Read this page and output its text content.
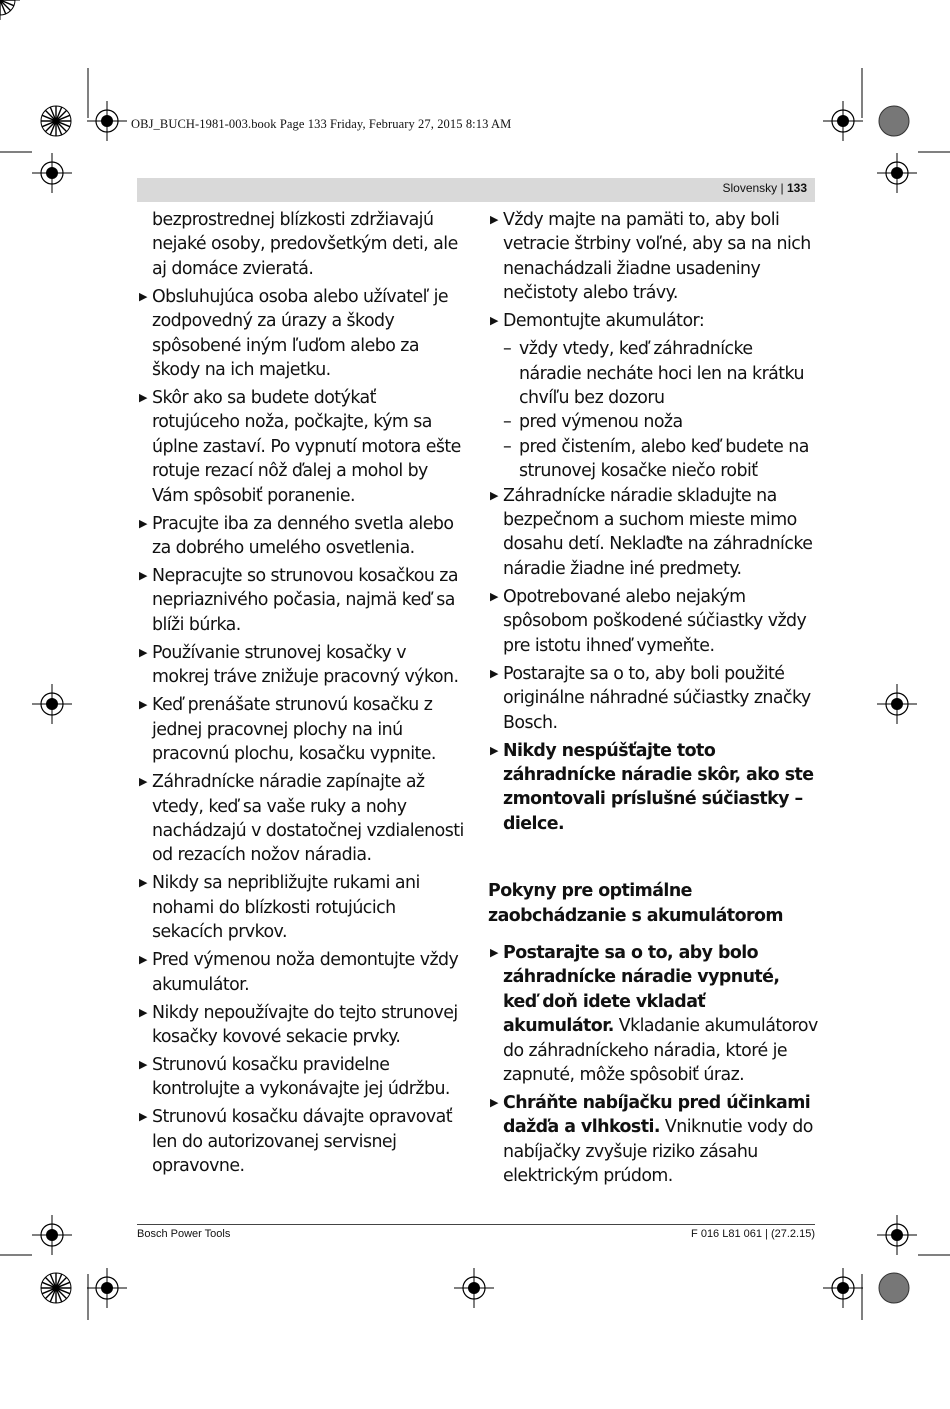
OBJ_BUCH-1981-003.book Page 133 Friday, February 27, 2015 8:13 AM
Slovensky | 133
bezprostrednej blízkosti zdržiavajú nejaké osoby, predovšetkým deti, ale aj domáce zvieratá.
▶ Obsluhujúca osoba alebo užívateľ je zodpovedný za úrazy a škody spôsobené iným ľuďom alebo za škody na ich majetku.
▶ Skôr ako sa budete dotýkať rotujúceho noža, počkajte, kým sa úplne zastaví. Po vypnutí motora ešte rotuje rezací nôž ďalej a mohol by Vám spôsobiť poranenie.
▶ Pracujte iba za denného svetla alebo za dobrého umelého osvetlenia.
▶ Nepracujte so strunovou kosačkou za nepriaznivého počasia, najmä keď sa blíži búrka.
▶ Používanie strunovej kosačky v mokrej tráve znižuje pracovný výkon.
▶ Keď prenášate strunovú kosačku z jednej pracovnej plochy na inú pracovnú plochu, kosačku vypnite.
▶ Záhradnícke náradie zapínajte až vtedy, keď sa vaše ruky a nohy nachádzajú v dostatočnej vzdialenosti od rezacích nožov náradia.
▶ Nikdy sa nepribližujte rukami ani nohami do blízkosti rotujúcich sekacích prvkov.
▶ Pred výmenou noža demontujte vždy akumulátor.
▶ Nikdy nepoužívajte do tejto strunovej kosačky kovové sekacie prvky.
▶ Strunovú kosačku pravidelne kontrolujte a vykonávajte jej údržbu.
▶ Strunovú kosačku dávajte opravovať len do autorizovanej servisnej opravovne.
▶ Vždy majte na pamäti to, aby boli vetracie štrbiny voľné, aby sa na nich nenachádzali žiadne usadeniny nečistoty alebo trávy.
▶ Demontujte akumulátor:
– vždy vtedy, keď záhradnícke náradie necháte hoci len na krátku chvíľu bez dozoru
– pred výmenou noža
– pred čistením, alebo keď budete na strunovej kosačke niečo robiť
▶ Záhradnícke náradie skladujte na bezpečnom a suchom mieste mimo dosahu detí. Neklaďte na záhradnícke náradie žiadne iné predmety.
▶ Opotrebované alebo nejakým spôsobom poškodené súčiastky vždy pre istotu ihneď vymeňte.
▶ Postarajte sa o to, aby boli použité originálne náhradné súčiastky značky Bosch.
▶ Nikdy nespúšťajte toto záhradnícke náradie skôr, ako ste zmontovali príslušné súčiastky – dielce.
Pokyny pre optimálne zaobchádzanie s akumulátorom
▶ Postarajte sa o to, aby bolo záhradnícke náradie vypnuté, keď doň idete vkladať akumulátor. Vkladanie akumulátorov do záhradníckeho náradia, ktoré je zapnuté, môže spôsobiť úraz.
▶ Chráňte nabíjačku pred účinkami dažďa a vlhkosti. Vniknutie vody do nabíjačky zvyšuje riziko zásahu elektrickým prúdom.
Bosch Power Tools	F 016 L81 061 | (27.2.15)
